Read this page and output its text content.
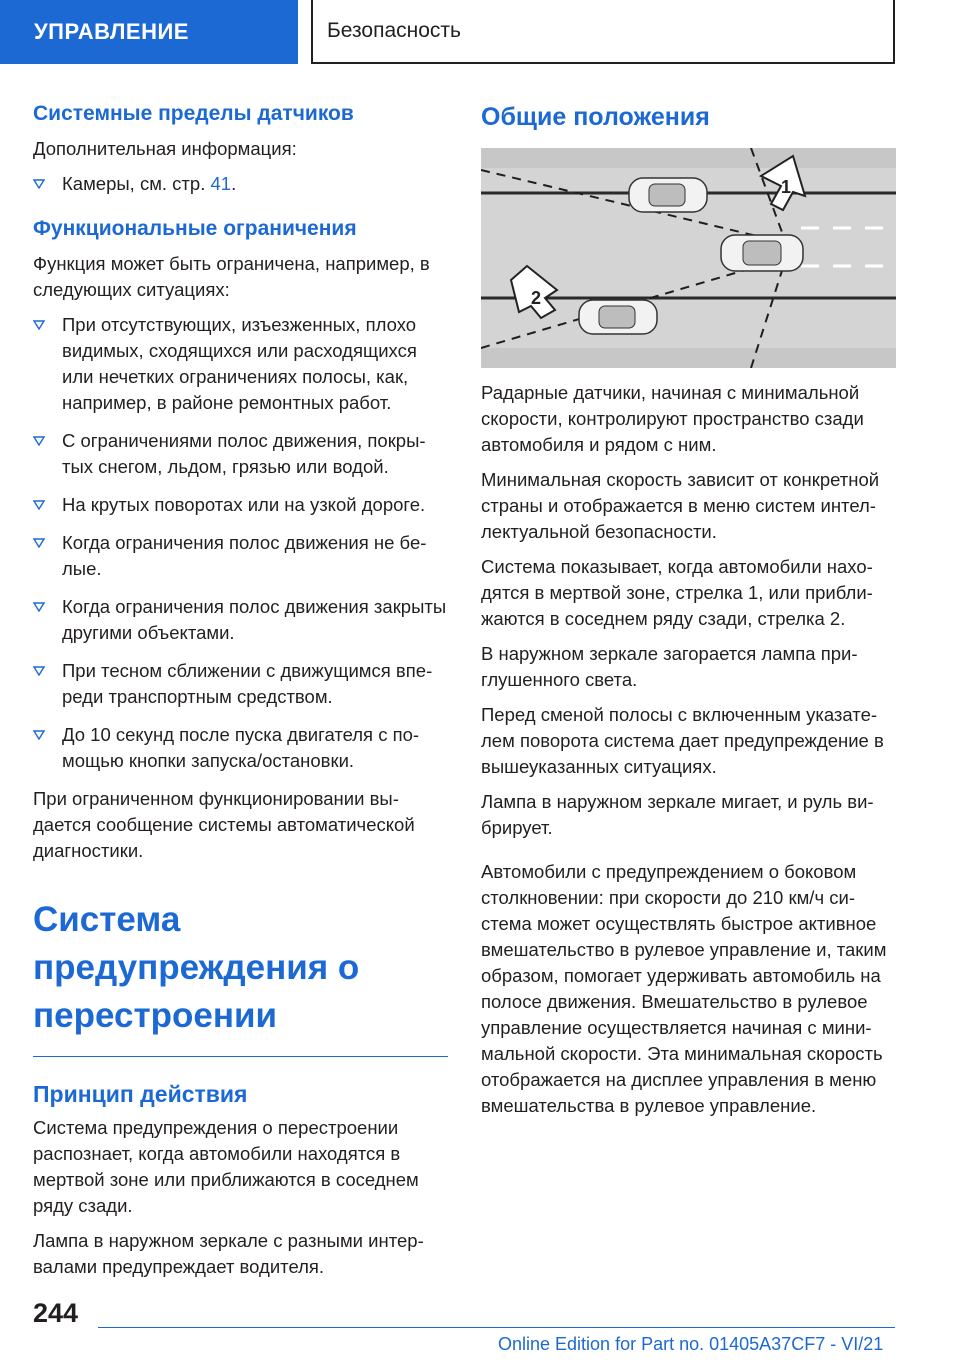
УПРАВЛЕНИЕ	Безопасность
Системные пределы датчиков

Дополнительная информация:

Камеры, см. стр. 41.
Функциональные ограничения

Функция может быть ограничена, например, в следующих ситуациях:

При отсутствующих, изъезженных, плохо видимых, сходящихся или расходящихся или нечетких ограничениях полосы, как, например, в районе ремонтных работ.
С ограничениями полос движения, покрытых снегом, льдом, грязью или водой.
На крутых поворотах или на узкой дороге.
Когда ограничения полос движения не белые.
Когда ограничения полос движения закрыты другими объектами.
При тесном сближении с движущимся впереди транспортным средством.
До 10 секунд после пуска двигателя с помощью кнопки запуска/остановки.

При ограниченном функционировании выдается сообщение системы автоматической диагностики.

Система предупреждения о перестроении
Принцип действия

Система предупреждения о перестроении распознает, когда автомобили находятся в мертвой зоне или приближаются в соседнем ряду сзади.

Лампа в наружном зеркале с разными интервалами предупреждает водителя.

Общие положения
1
2

Радарные датчики, начиная с минимальной скорости, контролируют пространство сзади автомобиля и рядом с ним.

Минимальная скорость зависит от конкретной страны и отображается в меню систем интеллектуальной безопасности.

Система показывает, когда автомобили находятся в мертвой зоне, стрелка 1, или приближаются в соседнем ряду сзади, стрелка 2.

В наружном зеркале загорается лампа приглушенного света.

Перед сменой полосы с включенным указателем поворота система дает предупреждение в вышеуказанных ситуациях.

Лампа в наружном зеркале мигает, и руль вибрирует.

Автомобили с предупреждением о боковом столкновении: при скорости до 210 км/ч система может осуществлять быстрое активное вмешательство в рулевое управление и, таким образом, помогает удерживать автомобиль на полосе движения. Вмешательство в рулевое управление осуществляется начиная с минимальной скорости. Эта минимальная скорость отображается на дисплее управления в меню вмешательства в рулевое управление.

244
Online Edition for Part no. 01405A37CF7 - VI/21
